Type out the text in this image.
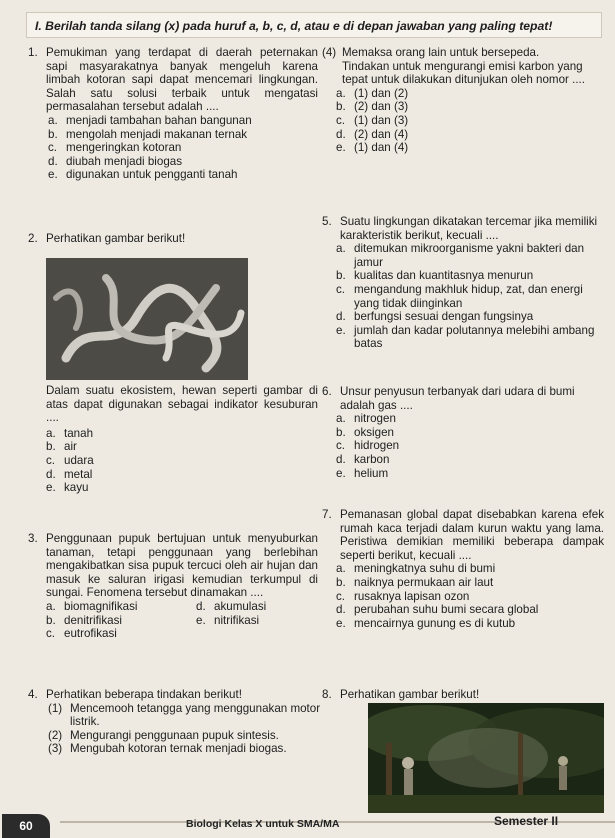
I. Berilah tanda silang (x) pada huruf a, b, c, d, atau e di depan jawaban yang paling tepat!
1. Pemukiman yang terdapat di daerah peternakan sapi masyarakatnya banyak mengeluh karena limbah kotoran sapi dapat mencemari lingkungan. Salah satu solusi terbaik untuk mengatasi permasalahan tersebut adalah ....
a. menjadi tambahan bahan bangunan
b. mengolah menjadi makanan ternak
c. mengeringkan kotoran
d. diubah menjadi biogas
e. digunakan untuk pengganti tanah
2. Perhatikan gambar berikut!
Dalam suatu ekosistem, hewan seperti gambar di atas dapat digunakan sebagai indikator kesuburan ....
a. tanah
b. air
c. udara
d. metal
e. kayu
3. Penggunaan pupuk bertujuan untuk menyuburkan tanaman, tetapi penggunaan yang berlebihan mengakibatkan sisa pupuk tercuci oleh air hujan dan masuk ke saluran irigasi kemudian terkumpul di sungai. Fenomena tersebut dinamakan ....
a. biomagnifikasi	d. akumulasi
b. denitrifikasi	e. nitrifikasi
c. eutrofikasi
4. Perhatikan beberapa tindakan berikut!
(1) Mencemooh tetangga yang menggunakan motor listrik.
(2) Mengurangi penggunaan pupuk sintesis.
(3) Mengubah kotoran ternak menjadi biogas.
(4) Memaksa orang lain untuk bersepeda.
Tindakan untuk mengurangi emisi karbon yang tepat untuk dilakukan ditunjukan oleh nomor ....
a. (1) dan (2)
b. (2) dan (3)
c. (1) dan (3)
d. (2) dan (4)
e. (1) dan (4)
5. Suatu lingkungan dikatakan tercemar jika memiliki karakteristik berikut, kecuali ....
a. ditemukan mikroorganisme yakni bakteri dan jamur
b. kualitas dan kuantitasnya menurun
c. mengandung makhluk hidup, zat, dan energi yang tidak diinginkan
d. berfungsi sesuai dengan fungsinya
e. jumlah dan kadar polutannya melebihi ambang batas
6. Unsur penyusun terbanyak dari udara di bumi adalah gas ....
a. nitrogen
b. oksigen
c. hidrogen
d. karbon
e. helium
7. Pemanasan global dapat disebabkan karena efek rumah kaca terjadi dalam kurun waktu yang lama. Peristiwa demikian memiliki beberapa dampak seperti berikut, kecuali ....
a. meningkatnya suhu di bumi
b. naiknya permukaan air laut
c. rusaknya lapisan ozon
d. perubahan suhu bumi secara global
e. mencairnya gunung es di kutub
8. Perhatikan gambar berikut!
60	Biologi Kelas X untuk SMA/MA	Semester II
